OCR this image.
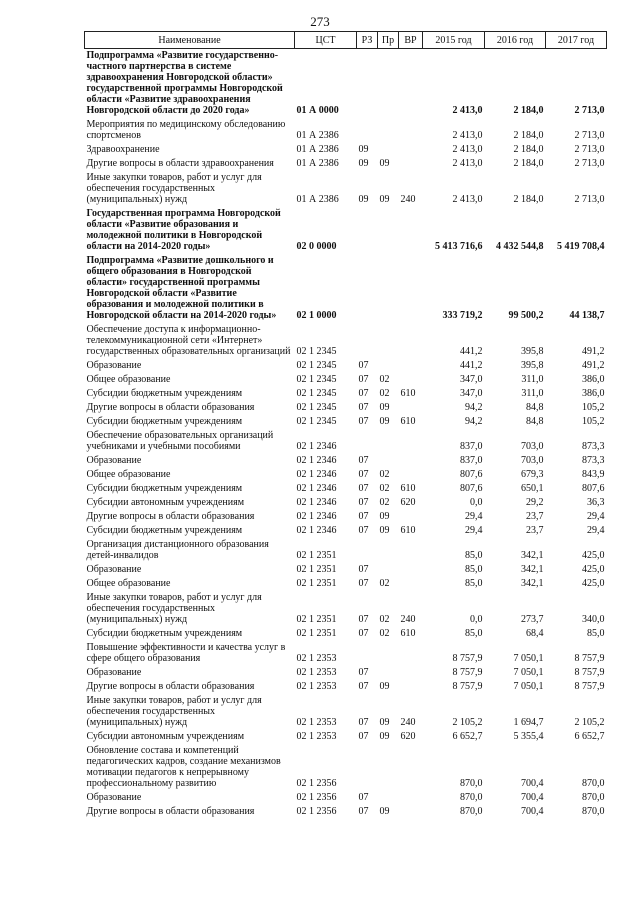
273
Наименование	ЦСТ	РЗ	Пр	ВР	2015 год	2016 год	2017 год
Подпрограмма «Развитие государственно-частного партнерства в системе здравоохранения Новгородской области» государственной программы Новгородской области «Развитие здравоохранения Новгородской области до 2020 года»	01 А 0000				2 413,0	2 184,0	2 713,0
Мероприятия по медицинскому обследованию спортсменов	01 А 2386				2 413,0	2 184,0	2 713,0
Здравоохранение	01 А 2386	09			2 413,0	2 184,0	2 713,0
Другие вопросы в области здравоохранения	01 А 2386	09	09		2 413,0	2 184,0	2 713,0
Иные закупки товаров, работ и услуг для обеспечения государственных (муниципальных) нужд	01 А 2386	09	09	240	2 413,0	2 184,0	2 713,0
Государственная программа Новгородской области «Развитие образования и молодежной политики в Новгородской области на 2014-2020 годы»	02 0 0000				5 413 716,6	4 432 544,8	5 419 708,4
Подпрограмма «Развитие дошкольного и общего образования в Новгородской области» государственной программы Новгородской области «Развитие образования и молодежной политики в Новгородской области на 2014-2020 годы»	02 1 0000				333 719,2	99 500,2	44 138,7
Обеспечение доступа к информационно-телекоммуникационной сети «Интернет» государственных образовательных организаций	02 1 2345				441,2	395,8	491,2
Образование	02 1 2345	07			441,2	395,8	491,2
Общее образование	02 1 2345	07	02		347,0	311,0	386,0
Субсидии бюджетным учреждениям	02 1 2345	07	02	610	347,0	311,0	386,0
Другие вопросы в области образования	02 1 2345	07	09		94,2	84,8	105,2
Субсидии бюджетным учреждениям	02 1 2345	07	09	610	94,2	84,8	105,2
Обеспечение образовательных организаций учебниками и учебными пособиями	02 1 2346				837,0	703,0	873,3
Образование	02 1 2346	07			837,0	703,0	873,3
Общее образование	02 1 2346	07	02		807,6	679,3	843,9
Субсидии бюджетным учреждениям	02 1 2346	07	02	610	807,6	650,1	807,6
Субсидии автономным учреждениям	02 1 2346	07	02	620	0,0	29,2	36,3
Другие вопросы в области образования	02 1 2346	07	09		29,4	23,7	29,4
Субсидии бюджетным учреждениям	02 1 2346	07	09	610	29,4	23,7	29,4
Организация дистанционного образования детей-инвалидов	02 1 2351				85,0	342,1	425,0
Образование	02 1 2351	07			85,0	342,1	425,0
Общее образование	02 1 2351	07	02		85,0	342,1	425,0
Иные закупки товаров, работ и услуг для обеспечения государственных (муниципальных) нужд	02 1 2351	07	02	240	0,0	273,7	340,0
Субсидии бюджетным учреждениям	02 1 2351	07	02	610	85,0	68,4	85,0
Повышение эффективности и качества услуг в сфере общего образования	02 1 2353				8 757,9	7 050,1	8 757,9
Образование	02 1 2353	07			8 757,9	7 050,1	8 757,9
Другие вопросы в области образования	02 1 2353	07	09		8 757,9	7 050,1	8 757,9
Иные закупки товаров, работ и услуг для обеспечения государственных (муниципальных) нужд	02 1 2353	07	09	240	2 105,2	1 694,7	2 105,2
Субсидии автономным учреждениям	02 1 2353	07	09	620	6 652,7	5 355,4	6 652,7
Обновление состава и компетенций педагогических кадров, создание механизмов мотивации педагогов к непрерывному профессиональному развитию	02 1 2356				870,0	700,4	870,0
Образование	02 1 2356	07			870,0	700,4	870,0
Другие вопросы в области образования	02 1 2356	07	09		870,0	700,4	870,0
